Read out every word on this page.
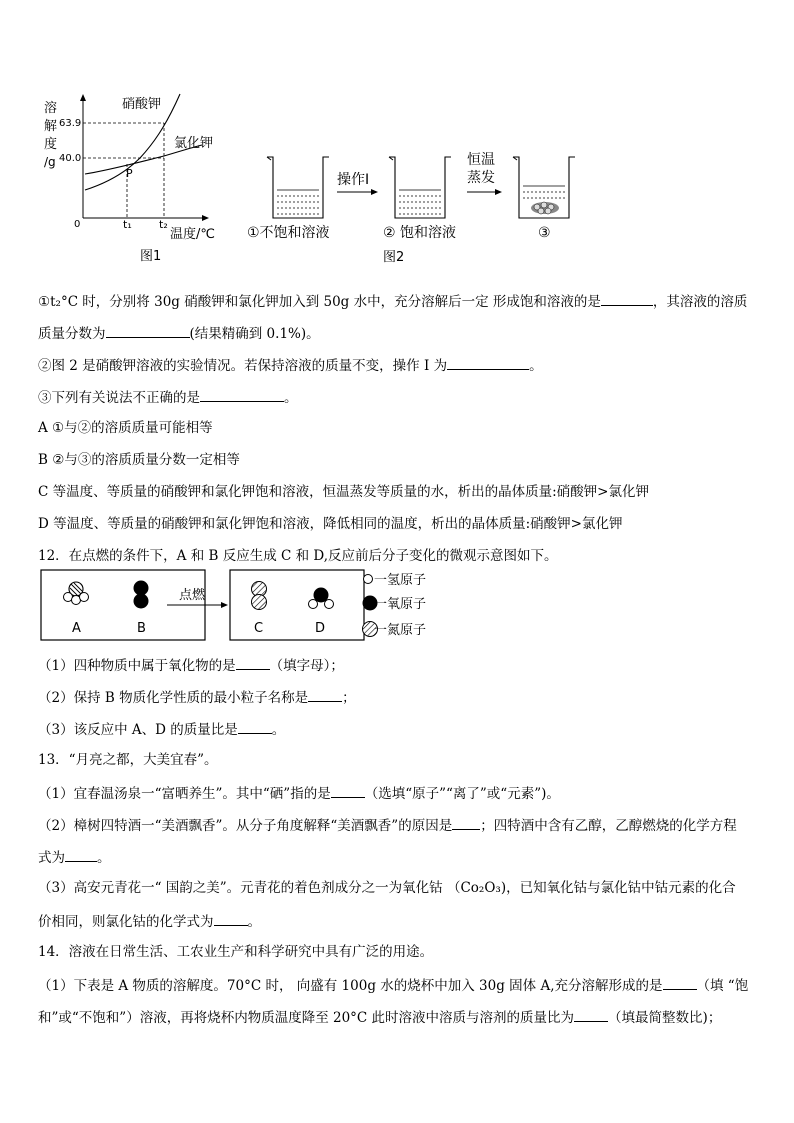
溶
解
度
/g
63.9
40.0
0	t₁ t₂
温度/℃
硝酸钾
氯化钾
P
图1
①不饱和溶液
操作Ⅰ
② 饱和溶液
恒温
蒸发
③
图2
①t₂°C 时，分别将 30g 硝酸钾和氯化钾加入到 50g 水中，充分溶解后一定 形成饱和溶液的是	，其溶液的溶质
质量分数为	(结果精确到 0.1%)。
②图 2 是硝酸钾溶液的实验情况。若保持溶液的质量不变，操作 I 为	。
③下列有关说法不正确的是	。
A ①与②的溶质质量可能相等
B ②与③的溶质质量分数一定相等
C 等温度、等质量的硝酸钾和氯化钾饱和溶液，恒温蒸发等质量的水，析出的晶体质量:硝酸钾>氯化钾
D 等温度、等质量的硝酸钾和氯化钾饱和溶液，降低相同的温度，析出的晶体质量:硝酸钾>氯化钾
12．在点燃的条件下，A 和 B 反应生成 C 和 D,反应前后分子变化的微观示意图如下。
A	B
点燃
C	D
一氢原子
一氧原子
一氮原子
（1）四种物质中属于氧化物的是	（填字母）；
（2）保持 B 物质化学性质的最小粒子名称是	；
（3）该反应中 A、D 的质量比是	。
13．“月亮之都，大美宜春”。
（1）宜春温汤泉一“富晒养生”。其中“硒”指的是	（选填“原子”“离了”或“元素”)。
（2）樟树四特酒一“美酒飘香”。从分子角度解释“美酒飘香”的原因是 ；四特酒中含有乙醇，乙醇燃烧的化学方程
式为 。
（3）高安元青花一“ 国韵之美”。元青花的着色剂成分之一为氧化钴 （Co₂O₃)，已知氧化钴与氯化钴中钴元素的化合
价相同，则氯化钴的化学式为	。
14．溶液在日常生活、工农业生产和科学研究中具有广泛的用途。
（1）下表是 A 物质的溶解度。70°C 时， 向盛有 100g 水的烧杯中加入 30g 固体 A,充分溶解形成的是	（填 “饱
和”或“不饱和”）溶液，再将烧杯内物质温度降至 20°C 此时溶液中溶质与溶剂的质量比为	（填最简整数比)；
